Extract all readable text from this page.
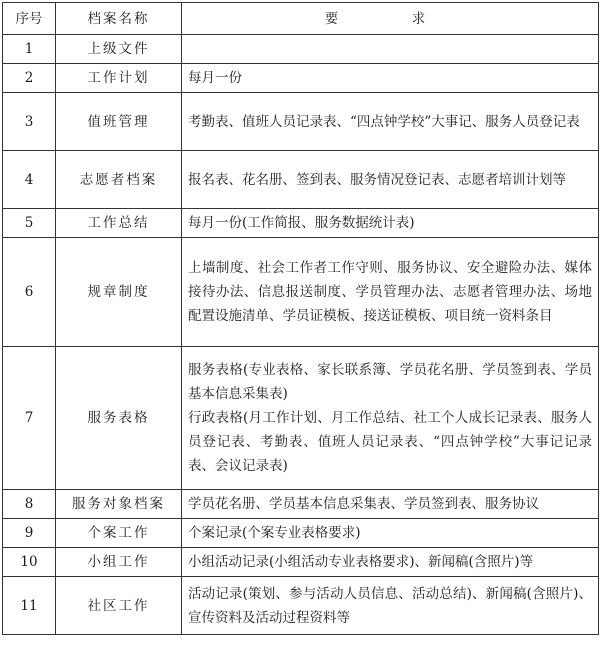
序号	档案名称	要　求
1	上级文件	

2	工作计划	每月一份

3	值班管理	考勤表、值班人员记录表、“四点钟学校”大事记、服务人员登记表

4	志愿者档案	报名表、花名册、签到表、服务情况登记表、志愿者培训计划等

5	工作总结	每月一份(工作简报、服务数据统计表)

6	规章制度	上墙制度、社会工作者工作守则、服务协议、安全避险办法、媒体接待办法、信息报送制度、学员管理办法、志愿者管理办法、场地配置设施清单、学员证模板、接送证模板、项目统一资料条目

7	服务表格	服务表格(专业表格、家长联系簿、学员花名册、学员签到表、学员基本信息采集表)
行政表格(月工作计划、月工作总结、社工个人成长记录表、服务人员登记表、考勤表、值班人员记录表、“四点钟学校”大事记记录表、会议记录表)

8	服务对象档案	学员花名册、学员基本信息采集表、学员签到表、服务协议

9	个案工作	个案记录(个案专业表格要求)

10	小组工作	小组活动记录(小组活动专业表格要求)、新闻稿(含照片)等

11	社区工作	活动记录(策划、参与活动人员信息、活动总结)、新闻稿(含照片)、宣传资料及活动过程资料等
